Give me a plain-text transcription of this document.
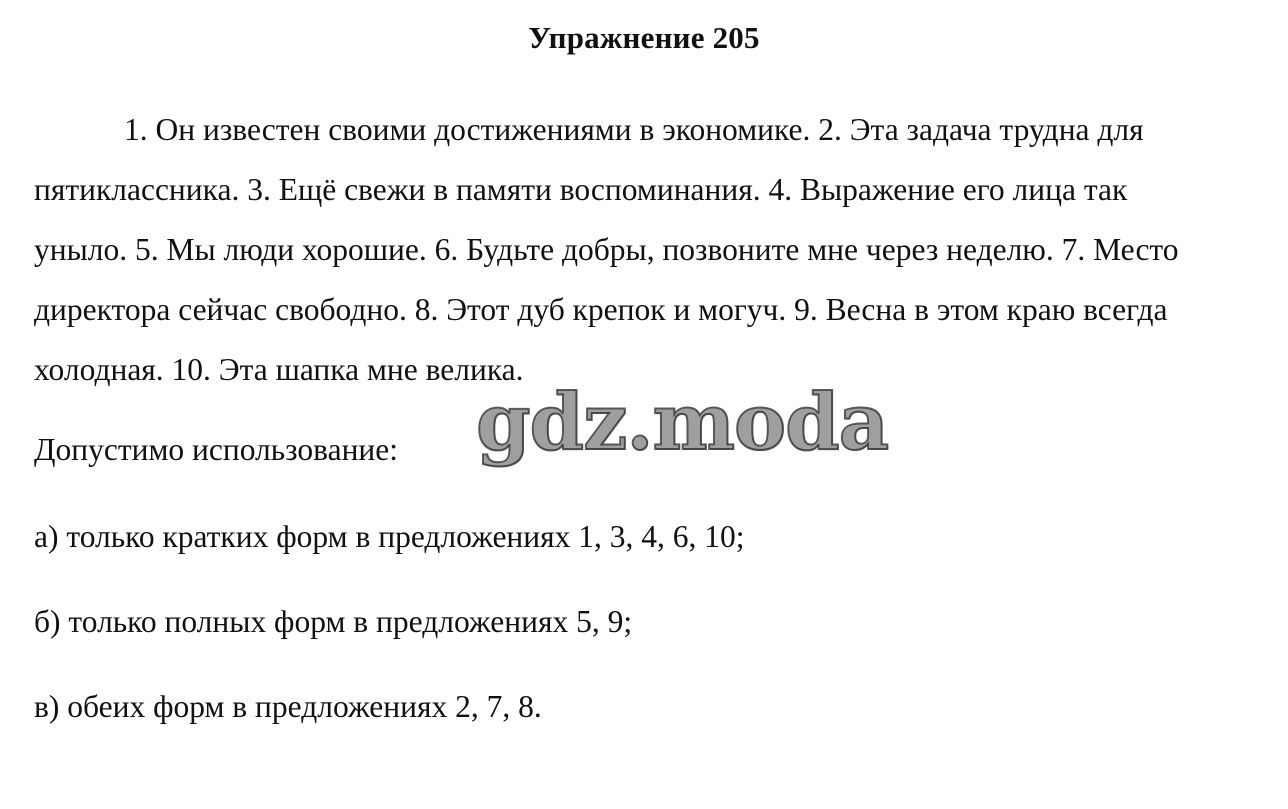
Упражнение 205
1. Он известен своими достижениями в экономике. 2. Эта задача трудна для пятиклассника. 3. Ещё свежи в памяти воспоминания. 4. Выражение его лица так уныло. 5. Мы люди хорошие. 6. Будьте добры, позвоните мне через неделю. 7. Место директора сейчас свободно. 8. Этот дуб крепок и могуч. 9. Весна в этом краю всегда холодная. 10. Эта шапка мне велика.
Допустимо использование:
а) только кратких форм в предложениях 1, 3, 4, 6, 10;
б) только полных форм в предложениях 5, 9;
в) обеих форм в предложениях 2, 7, 8.
gdz.moda
